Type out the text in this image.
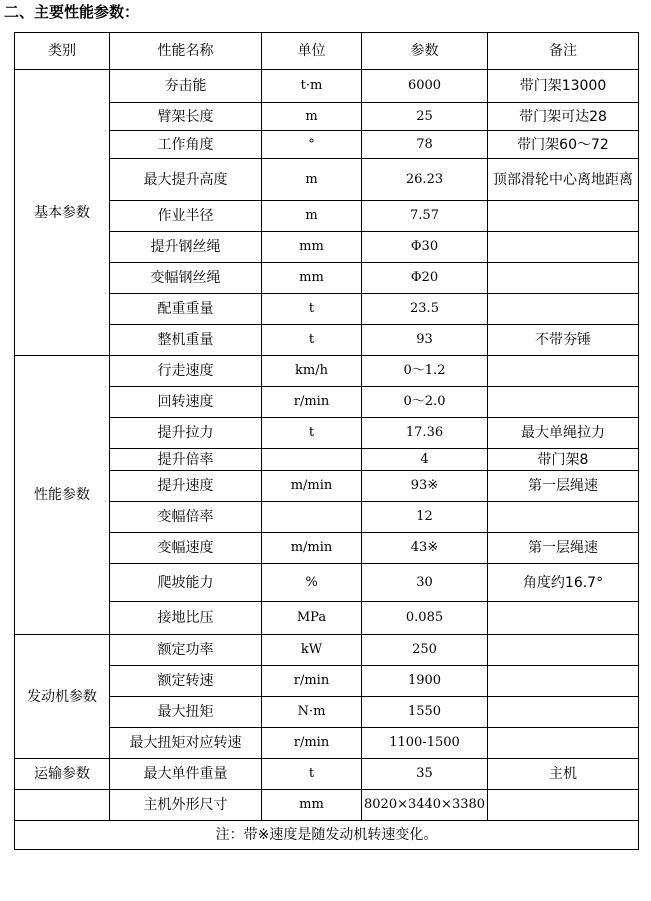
二、主要性能参数：
类别	性能名称	单位	参数	备注
基本参数	夯击能	t·m	6000	带门架13000
	臂架长度	m	25	带门架可达28
	工作角度	°	78	带门架60～72
	最大提升高度	m	26.23	顶部滑轮中心离地距离
	作业半径	m	7.57	
	提升钢丝绳	mm	Φ30	
	变幅钢丝绳	mm	Φ20	
	配重重量	t	23.5	
	整机重量	t	93	不带夯锤
性能参数	行走速度	km/h	0～1.2	
	回转速度	r/min	0～2.0	
	提升拉力	t	17.36	最大单绳拉力
	提升倍率		4	带门架8
	提升速度	m/min	93※	第一层绳速
	变幅倍率		12	
	变幅速度	m/min	43※	第一层绳速
	爬坡能力	%	30	角度约16.7°
	接地比压	MPa	0.085	
发动机参数	额定功率	kW	250	
	额定转速	r/min	1900	
	最大扭矩	N·m	1550	
	最大扭矩对应转速	r/min	1100-1500	
运输参数	最大单件重量	t	35	主机
	主机外形尺寸	mm	8020×3440×3380	
注：带※速度是随发动机转速变化。				
